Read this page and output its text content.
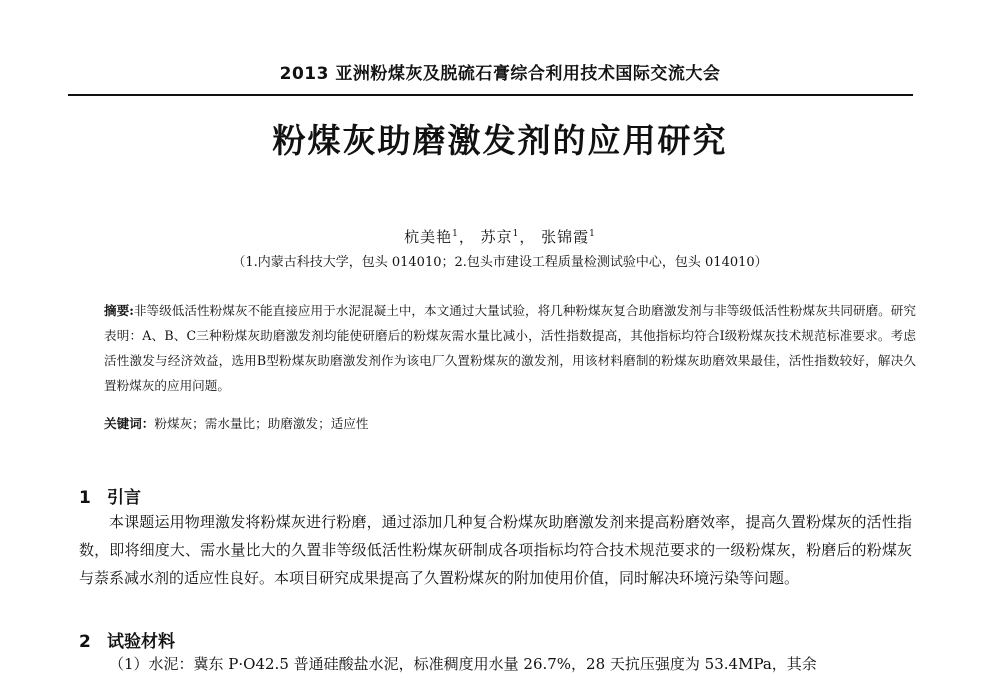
2013 亚洲粉煤灰及脱硫石膏综合利用技术国际交流大会
粉煤灰助磨激发剂的应用研究
杭美艳$^1$， 苏京$^1$， 张锦霞$^1$
（1.内蒙古科技大学，包头 014010；2.包头市建设工程质量检测试验中心，包头 014010）
摘要:非等级低活性粉煤灰不能直接应用于水泥混凝土中，本文通过大量试验，将几种粉煤灰复合助磨激发剂与非等级低活性粉煤灰共同研磨。研究表明：A、B、C三种粉煤灰助磨激发剂均能使研磨后的粉煤灰需水量比减小，活性指数提高，其他指标均符合Ⅰ级粉煤灰技术规范标准要求。考虑活性激发与经济效益，选用B型粉煤灰助磨激发剂作为该电厂久置粉煤灰的激发剂，用该材料磨制的粉煤灰助磨效果最佳，活性指数较好，解决久置粉煤灰的应用问题。
关键词：粉煤灰；需水量比；助磨激发；适应性
1 引言
本课题运用物理激发将粉煤灰进行粉磨，通过添加几种复合粉煤灰助磨激发剂来提高粉磨效率，提高久置粉煤灰的活性指数，即将细度大、需水量比大的久置非等级低活性粉煤灰研制成各项指标均符合技术规范要求的一级粉煤灰，粉磨后的粉煤灰与萘系减水剂的适应性良好。本项目研究成果提高了久置粉煤灰的附加使用价值，同时解决环境污染等问题。
2 试验材料
（1）水泥：冀东 P·O42.5 普通硅酸盐水泥，标准稠度用水量 26.7%，28 天抗压强度为 53.4MPa，其余
